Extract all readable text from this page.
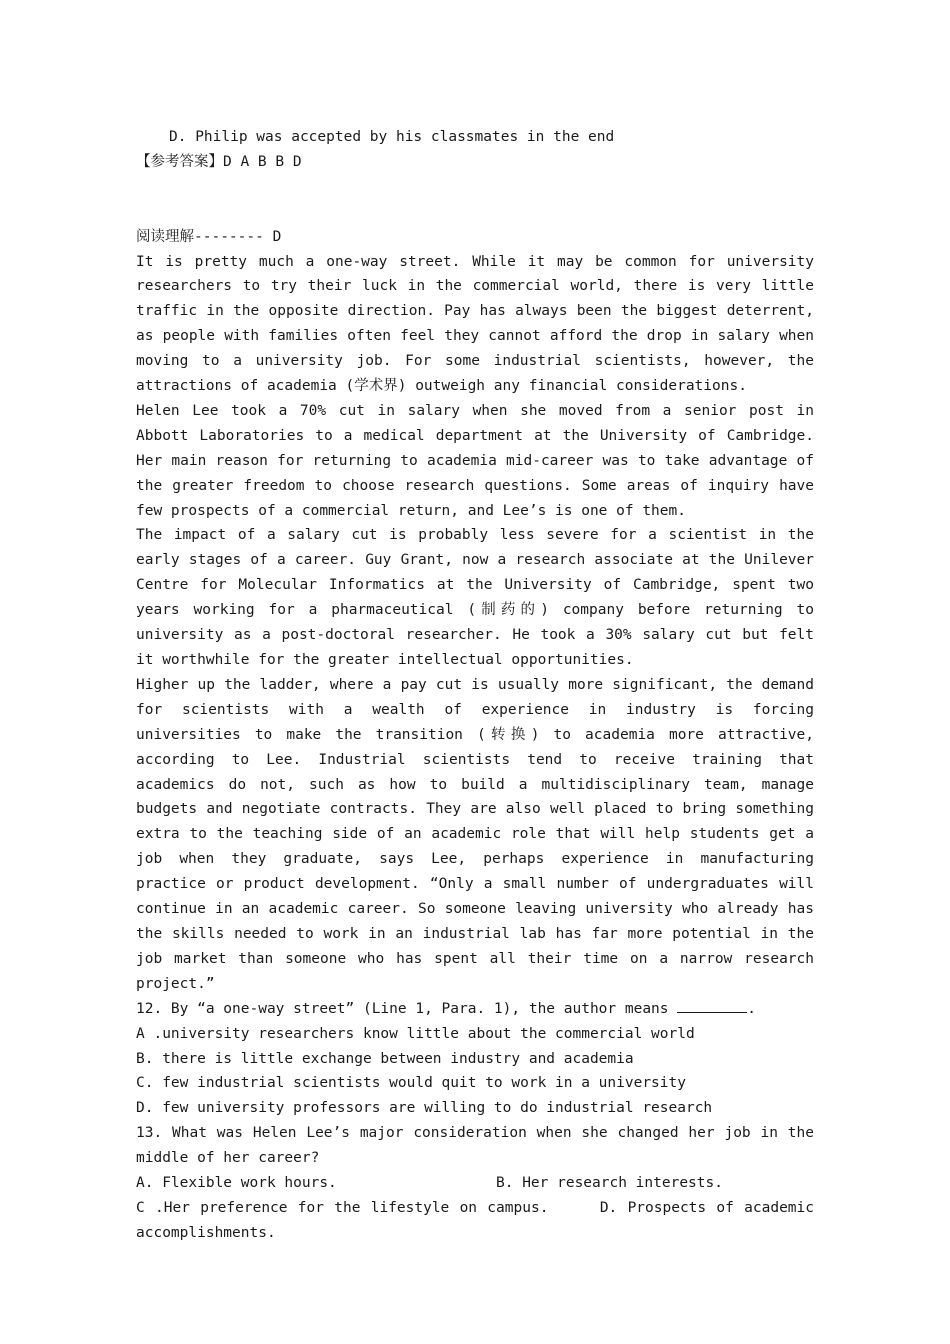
D. Philip was accepted by his classmates in the end

【参考答案】D A B B D

阅读理解-------- D

It is pretty much a one-way street. While it may be common for university researchers to try their luck in the commercial world, there is very little traffic in the opposite direction. Pay has always been the biggest deterrent, as people with families often feel they cannot afford the drop in salary when moving to a university job. For some industrial scientists, however, the attractions of academia (学术界) outweigh any financial considerations.

Helen Lee took a 70% cut in salary when she moved from a senior post in Abbott Laboratories to a medical department at the University of Cambridge. Her main reason for returning to academia mid-career was to take advantage of the greater freedom to choose research questions. Some areas of inquiry have few prospects of a commercial return, and Lee’s is one of them.

The impact of a salary cut is probably less severe for a scientist in the early stages of a career. Guy Grant, now a research associate at the Unilever Centre for Molecular Informatics at the University of Cambridge, spent two years working for a pharmaceutical (制药的) company before returning to university as a post-doctoral researcher. He took a 30% salary cut but felt it worthwhile for the greater intellectual opportunities.

Higher up the ladder, where a pay cut is usually more significant, the demand for scientists with a wealth of experience in industry is forcing universities to make the transition (转换) to academia more attractive, according to Lee. Industrial scientists tend to receive training that academics do not, such as how to build a multidisciplinary team, manage budgets and negotiate contracts. They are also well placed to bring something extra to the teaching side of an academic role that will help students get a job when they graduate, says Lee, perhaps experience in manufacturing practice or product development. “Only a small number of undergraduates will continue in an academic career. So someone leaving university who already has the skills needed to work in an industrial lab has far more potential in the job market than someone who has spent all their time on a narrow research project.”

12. By “a one-way street” (Line 1, Para. 1), the author means	.

A .university researchers know little about the commercial world

B. there is little exchange between industry and academia

C. few industrial scientists would quit to work in a university

D. few university professors are willing to do industrial research

13. What was Helen Lee’s major consideration when she changed her job in the middle of her career?

A. Flexible work hours.	B. Her research interests.

C .Her preference for the lifestyle on campus.	D. Prospects of academic accomplishments.
